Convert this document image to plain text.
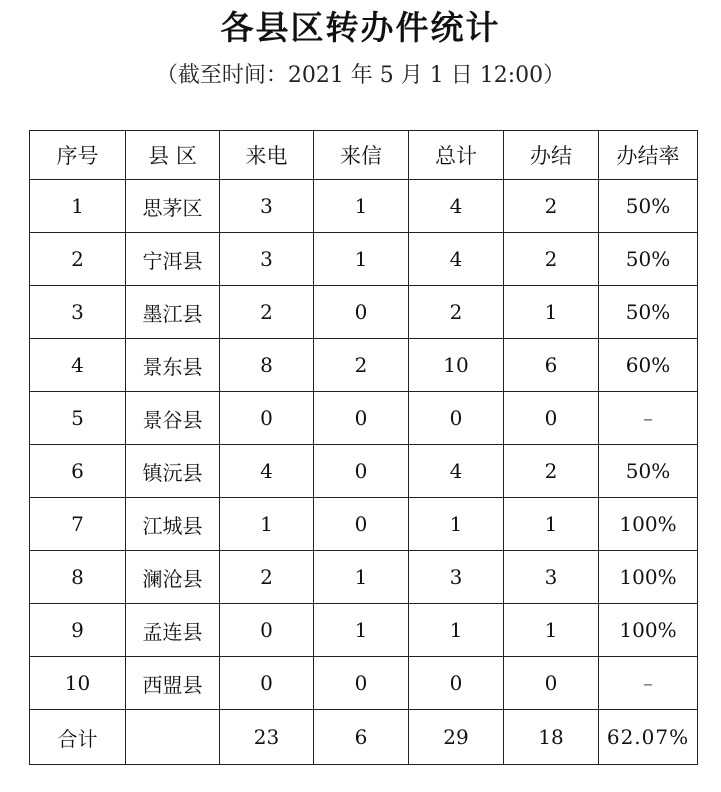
各县区转办件统计
（截至时间：2021 年 5 月 1 日 12:00）
序号	县 区	来电	来信	总计	办结	办结率
1	思茅区	3	1	4	2	50%
2	宁洱县	3	1	4	2	50%
3	墨江县	2	0	2	1	50%
4	景东县	8	2	10	6	60%
5	景谷县	0	0	0	0	–
6	镇沅县	4	0	4	2	50%
7	江城县	1	0	1	1	100%
8	澜沧县	2	1	3	3	100%
9	孟连县	0	1	1	1	100%
10	西盟县	0	0	0	0	–
合计		23	6	29	18	62.07%
